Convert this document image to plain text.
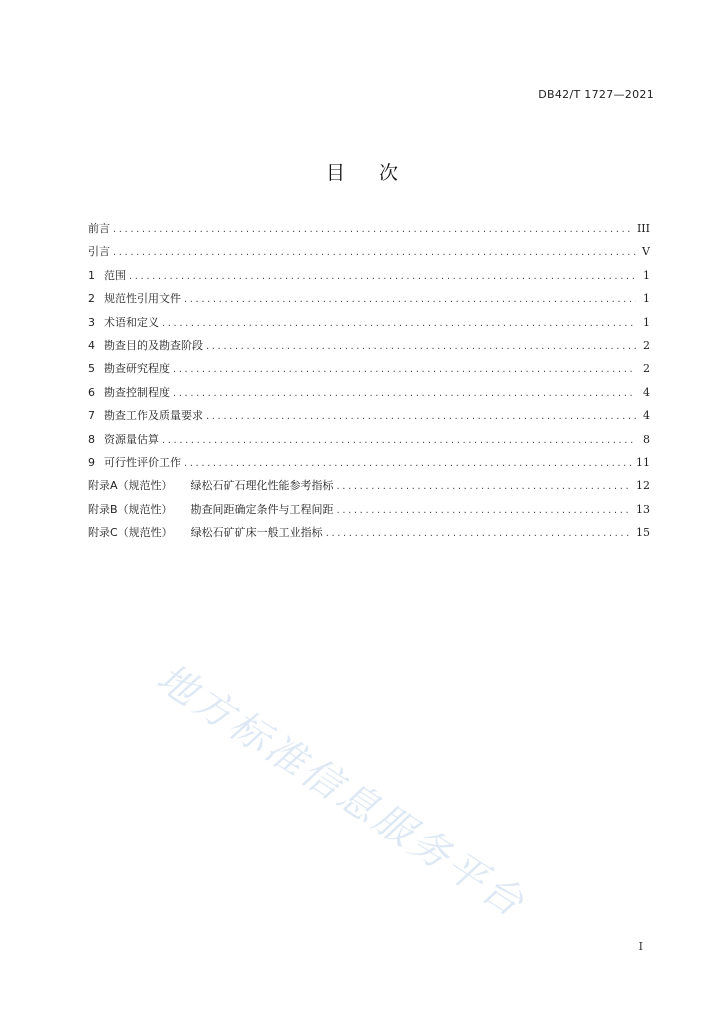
DB42/T 1727—2021
目次
前言 .....	III
引言 .....	V
1 范围 .....	1
2 规范性引用文件 .....	1
3 术语和定义 .....	1
4 勘查目的及勘查阶段 .....	2
5 勘查研究程度 .....	2
6 勘查控制程度 .....	4
7 勘查工作及质量要求 .....	4
8 资源量估算 .....	8
9 可行性评价工作 .....	11
附录A（规范性） 绿松石矿石理化性能参考指标 .....	12
附录B（规范性） 勘查间距确定条件与工程间距 .....	13
附录C（规范性） 绿松石矿矿床一般工业指标 .....	15
地方标准信息服务平台
I
